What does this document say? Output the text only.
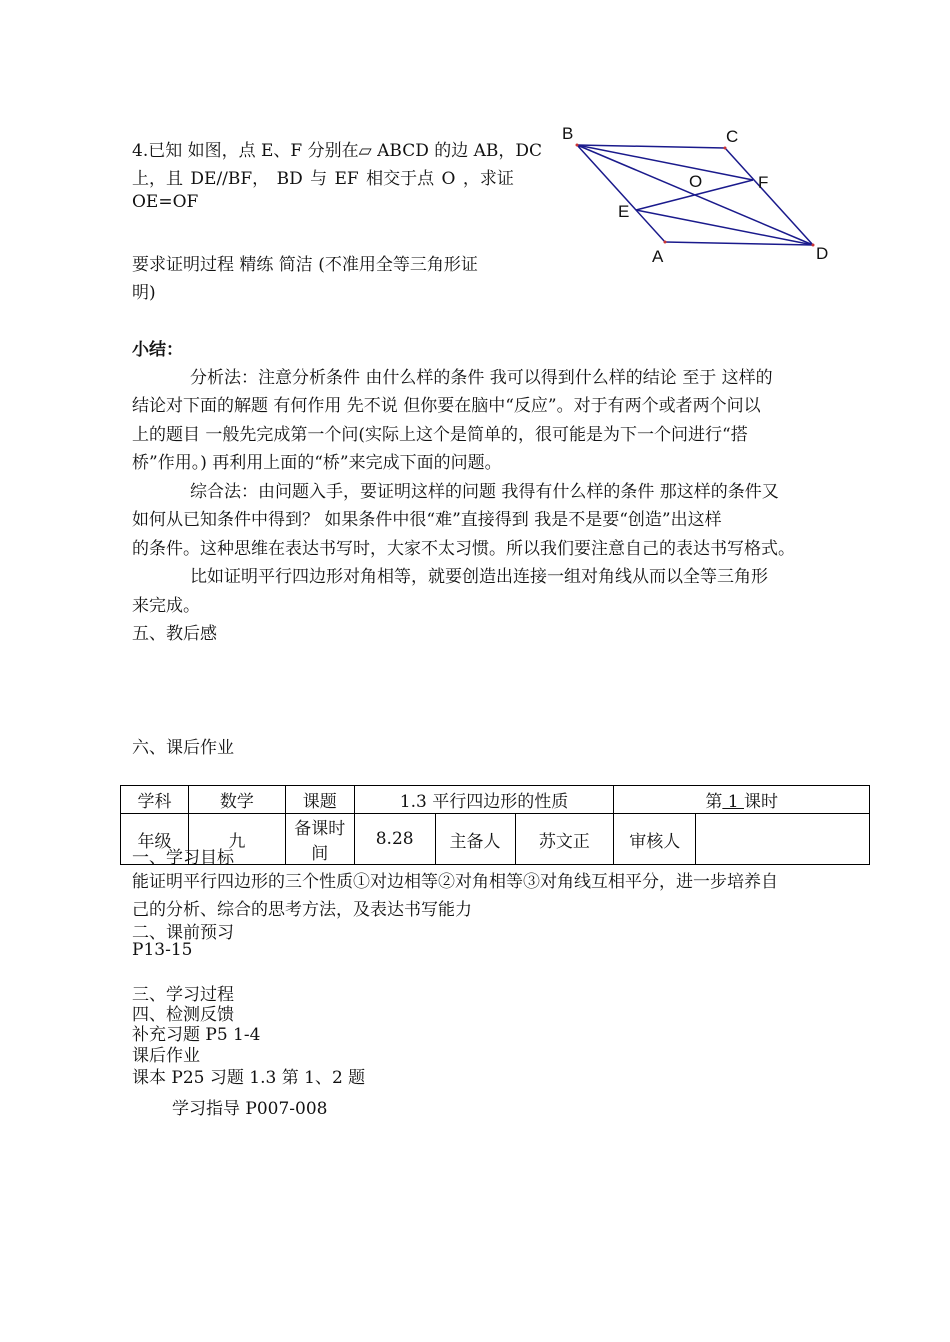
4.已知 如图，点 E、F 分别在▱ ABCD 的边 AB，DC
上，且 DE//BF， BD 与 EF 相交于点 O ，求证
OE=OF
要求证明过程 精练 简洁 (不准用全等三角形证
明)
B	C
O	F
E
A	D
小结：
分析法：注意分析条件 由什么样的条件 我可以得到什么样的结论 至于 这样的
结论对下面的解题 有何作用 先不说 但你要在脑中“反应”。对于有两个或者两个问以
上的题目 一般先完成第一个问(实际上这个是简单的，很可能是为下一个问进行“搭
桥”作用。) 再利用上面的“桥”来完成下面的问题。
综合法：由问题入手，要证明这样的问题 我得有什么样的条件 那这样的条件又
如何从已知条件中得到？ 如果条件中很“难”直接得到 我是不是要“创造”出这样
的条件。这种思维在表达书写时，大家不太习惯。所以我们要注意自己的表达书写格式。
比如证明平行四边形对角相等，就要创造出连接一组对角线从而以全等三角形
来完成。
五、教后感
六、课后作业
学科	数学	课题	1.3 平行四边形的性质			第 1 课时	
年级	九	备课时间	8.28	主备人	苏文正	审核人	
一、学习目标
能证明平行四边形的三个性质①对边相等②对角相等③对角线互相平分，进一步培养自
己的分析、综合的思考方法，及表达书写能力
二、课前预习
P13-15
三、学习过程
四、检测反馈
补充习题 P5 1-4
课后作业
课本 P25 习题 1.3 第 1、2 题
学习指导 P007-008
